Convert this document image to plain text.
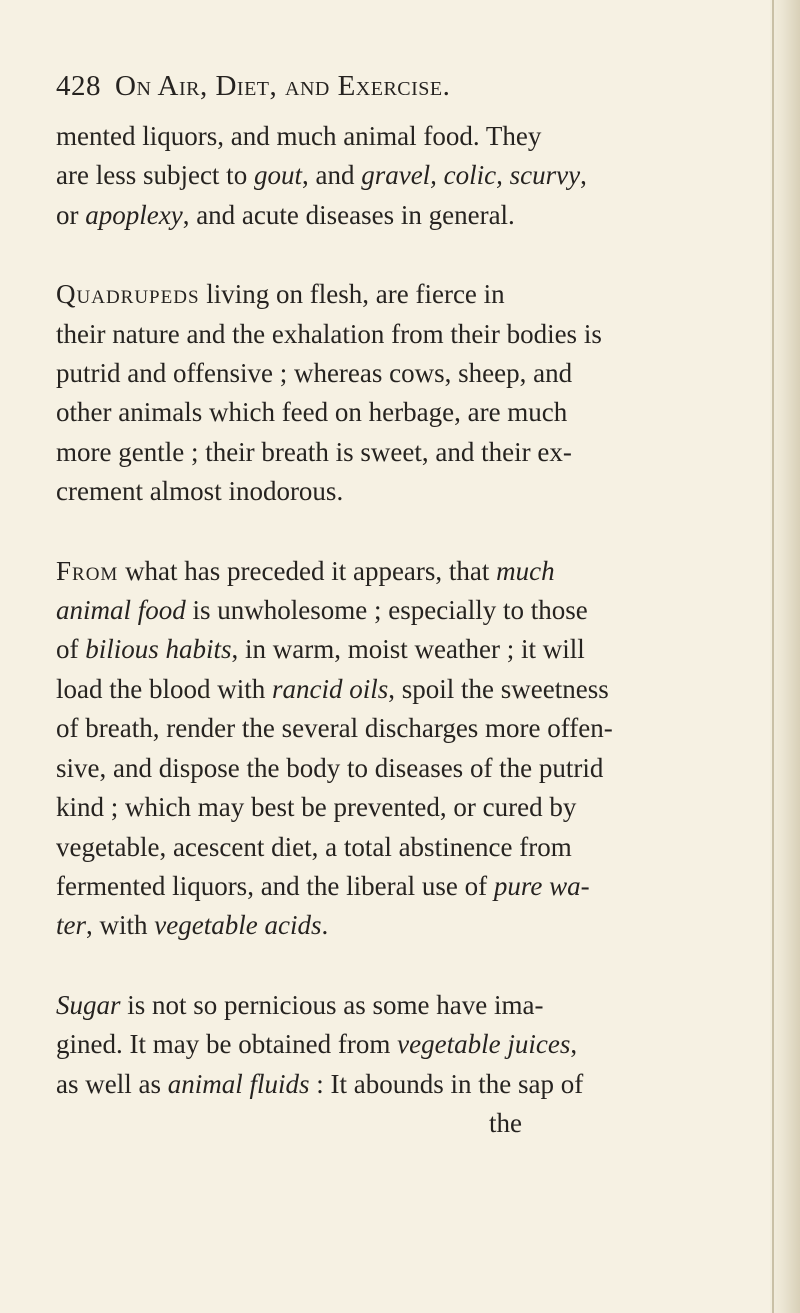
428 On Air, Diet, and Exercise.
mented liquors, and much animal food. They
are less subject to gout, and gravel, colic, scurvy,
or apoplexy, and acute diseases in general.
Quadrupeds living on flesh, are fierce in
their nature and the exhalation from their bodies is
putrid and offensive ; whereas cows, sheep, and
other animals which feed on herbage, are much
more gentle ; their breath is sweet, and their ex-
crement almost inodorous.
From what has preceded it appears, that much
animal food is unwholesome ; especially to those
of bilious habits, in warm, moist weather ; it will
load the blood with rancid oils, spoil the sweetness
of breath, render the several discharges more offen-
sive, and dispose the body to diseases of the putrid
kind ; which may best be prevented, or cured by
vegetable, acescent diet, a total abstinence from
fermented liquors, and the liberal use of pure wa-
ter, with vegetable acids.
Sugar is not so pernicious as some have ima-
gined. It may be obtained from vegetable juices,
as well as animal fluids : It abounds in the sap of
the
